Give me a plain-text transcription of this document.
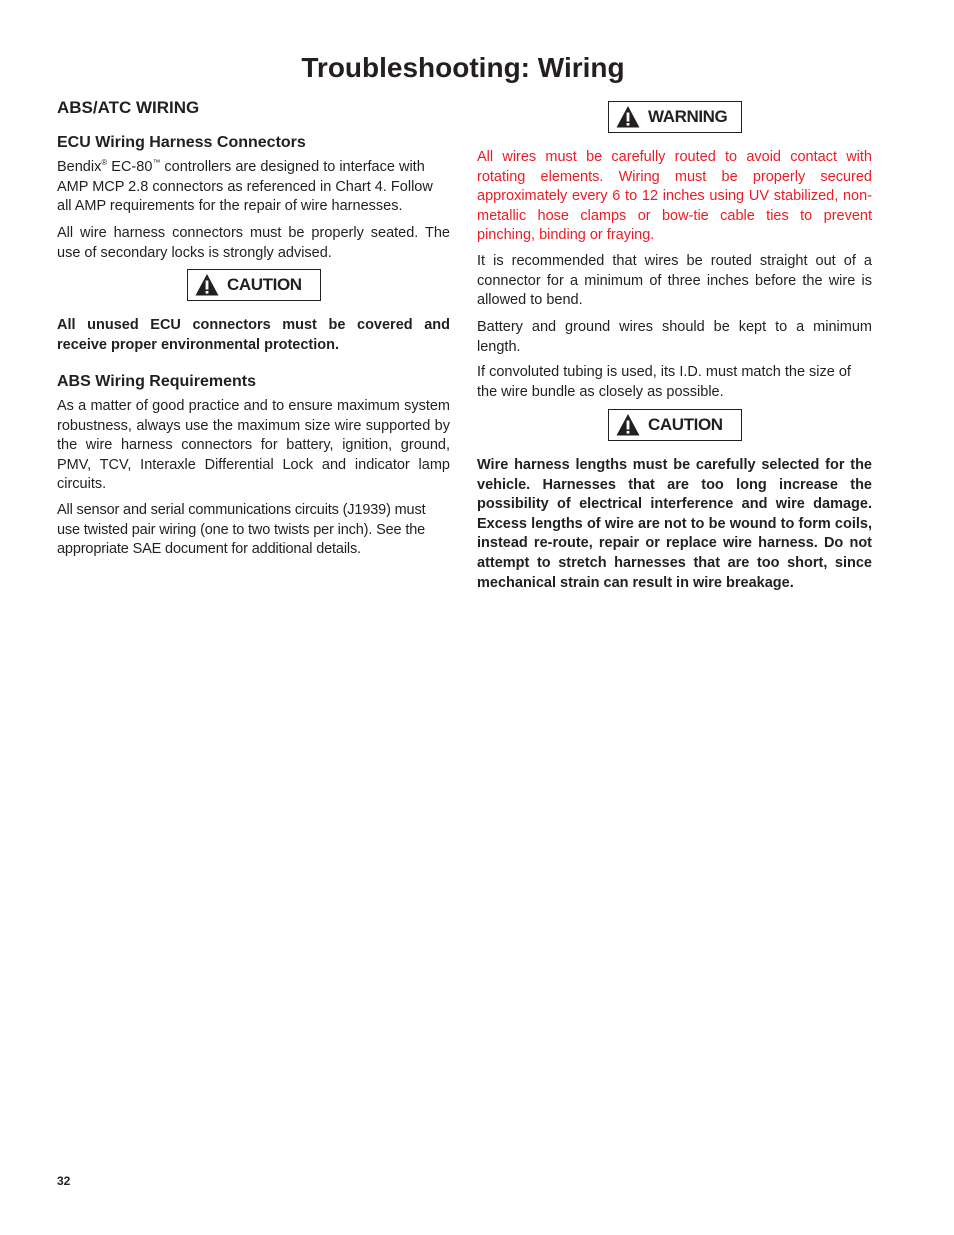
Troubleshooting: Wiring
ABS/ATC WIRING
ECU Wiring Harness Connectors

Bendix® EC-80™ controllers are designed to interface with AMP MCP 2.8 connectors as referenced in Chart 4. Follow all AMP requirements for the repair of wire harnesses.

All wire harness connectors must be properly seated. The use of secondary locks is strongly advised.

CAUTION

All unused ECU connectors must be covered and receive proper environmental protection.

ABS Wiring Requirements

As a matter of good practice and to ensure maximum system robustness, always use the maximum size wire supported by the wire harness connectors for battery, ignition, ground, PMV, TCV, Interaxle Differential Lock and indicator lamp circuits.

All sensor and serial communications circuits (J1939) must use twisted pair wiring (one to two twists per inch). See the appropriate SAE document for additional details.

WARNING

All wires must be carefully routed to avoid contact with rotating elements. Wiring must be properly secured approximately every 6 to 12 inches using UV stabilized, non-metallic hose clamps or bow-tie cable ties to prevent pinching, binding or fraying.

It is recommended that wires be routed straight out of a connector for a minimum of three inches before the wire is allowed to bend.

Battery and ground wires should be kept to a minimum length.

If convoluted tubing is used, its I.D. must match the size of the wire bundle as closely as possible.

CAUTION

Wire harness lengths must be carefully selected for the vehicle. Harnesses that are too long increase the possibility of electrical interference and wire damage. Excess lengths of wire are not to be wound to form coils, instead re-route, repair or replace wire harness. Do not attempt to stretch harnesses that are too short, since mechanical strain can result in wire breakage.

32
